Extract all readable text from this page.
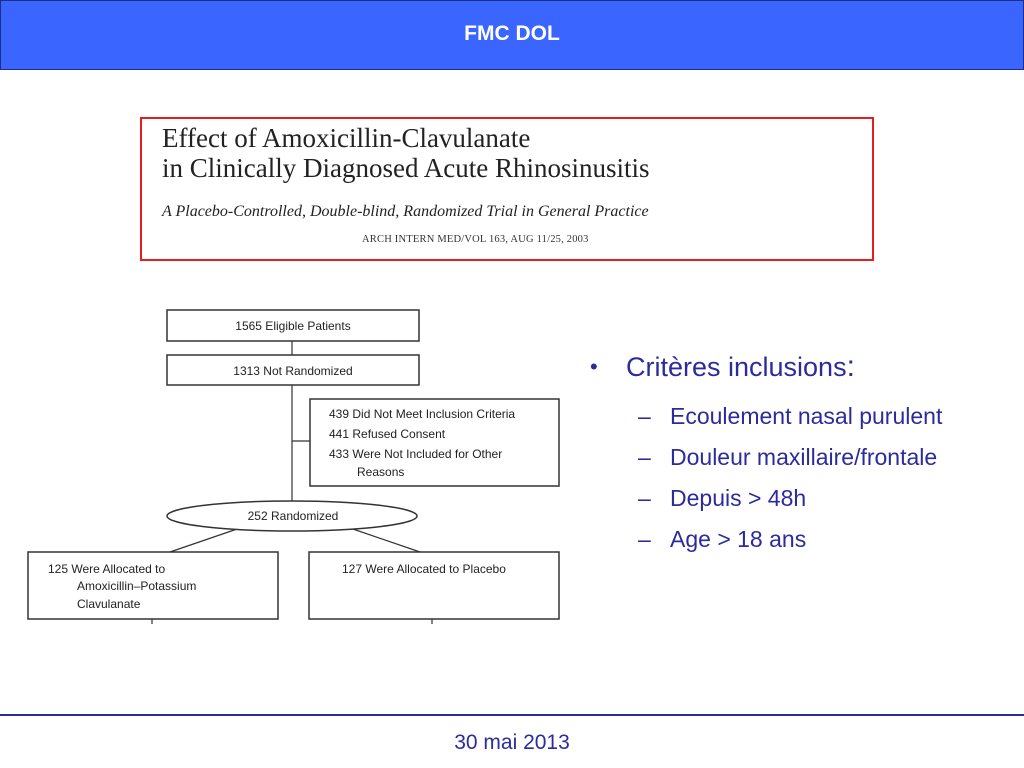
FMC DOL
Effect of Amoxicillin-Clavulanate
in Clinically Diagnosed Acute Rhinosinusitis
A Placebo-Controlled, Double-blind, Randomized Trial in General Practice
ARCH INTERN MED/VOL 163, AUG 11/25, 2003
1565 Eligible Patients
1313 Not Randomized
439 Did Not Meet Inclusion Criteria
441 Refused Consent
433 Were Not Included for Other
Reasons
252 Randomized
125 Were Allocated to
Amoxicillin–Potassium
Clavulanate
127 Were Allocated to Placebo
• Critères inclusions:
– Ecoulement nasal purulent
– Douleur maxillaire/frontale
– Depuis > 48h
– Age > 18 ans
30 mai 2013
